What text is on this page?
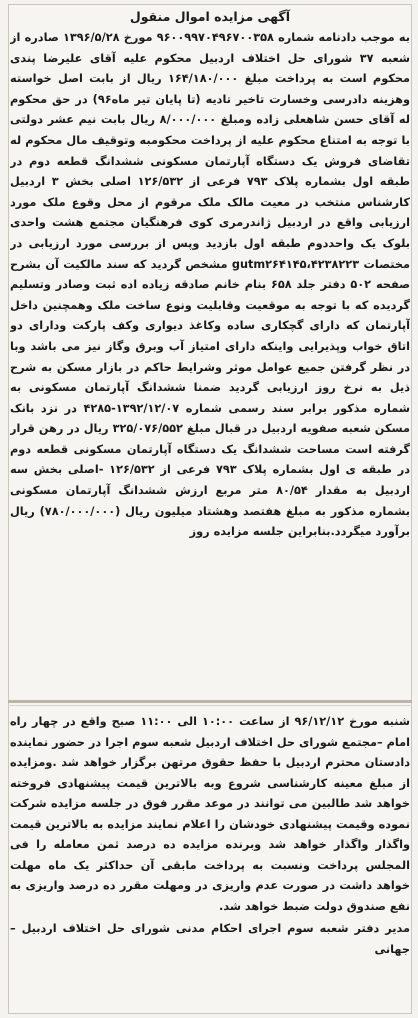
آگهی مزایده اموال منقول

به موجب دادنامه شماره ۹۶۰۰۹۹۷۰۴۹۶۷۰۰۳۵۸ مورخ ۱۳۹۶/۵/۲۸ صادره از شعبه ۳۷ شورای حل اختلاف اردبیل محکوم علیه آقای علیرضا پندی محکوم است به پرداخت مبلغ ۱۶۴/۱۸۰/۰۰۰ ریال از بابت اصل خواسته وهزینه دادرسی وخسارت تاخیر تادیه (تا پایان تیر ماه۹۶) در حق محکوم له آقای حسن شاهعلی زاده ومبلغ ۸/۰۰۰/۰۰۰ ریال بابت نیم عشر دولتی با توجه به امتناع محکوم علیه از پرداخت محکومبه وتوقیف مال محکوم له تقاضای فروش یک دستگاه آپارتمان مسکونی ششدانگ قطعه دوم در طبقه اول بشماره پلاک ۷۹۳ فرعی از ۱۲۶/۵۳۲ اصلی بخش ۳ اردبیل کارشناس منتخب در معیت مالک ملک مرقوم از محل وقوع ملک مورد ارزیابی واقع در اردبیل ژاندرمری کوی فرهنگیان مجتمع هشت واحدی بلوک یک واحددوم طبقه اول بازدید وپس از بررسی مورد ارزیابی در مختصات gutm۲۶۴۱۴۵،۴۲۳۸۲۲۳ مشخص گردید که سند مالکیت آن بشرح صفحه ۵۰۲ دفتر جلد ۶۵۸ بنام خانم صادقه زیاده اده ثبت وصادر وتسلیم گردیده که با توجه به موقعیت وقابلیت ونوع ساخت ملک وهمچنین داخل آپارتمان که دارای گچکاری ساده وکاغذ دیواری وکف پارکت ودارای دو اتاق خواب وپذیرایی واینکه دارای امتیاز آب وبرق وگاز نیز می باشد وبا در نظر گرفتن جمیع عوامل موثر وشرایط حاکم در بازار مسکن به شرح ذیل به نرخ روز ارزیابی گردید ضمنا ششدانگ آپارتمان مسکونی به شماره مذکور برابر سند رسمی شماره ۱۳۹۲/۱۲/۰۷-۴۲۸۵ در نزد بانک مسکن شعبه صفویه اردبیل در قبال مبلغ ۳۲۵/۰۷۶/۵۵۲ ریال در رهن قرار گرفته است مساحت ششدانگ یک دستگاه آپارتمان مسکونی قطعه دوم در طبقه ی اول بشماره پلاک ۷۹۳ فرعی از ۱۲۶/۵۳۲ -اصلی بخش سه اردبیل به مقدار ۸۰/۵۴ متر مربع ارزش ششدانگ آپارتمان مسکونی بشماره مذکور به مبلغ هفتصد وهشتاد میلیون ریال (۷۸۰/۰۰۰/۰۰۰) ریال برآورد میگردد.بنابراین جلسه مزایده روز

شنبه مورخ ۹۶/۱۲/۱۲ از ساعت ۱۰:۰۰ الی ۱۱:۰۰ صبح واقع در چهار راه امام –مجتمع شورای حل اختلاف اردبیل شعبه سوم اجرا در حضور نماینده دادستان محترم اردبیل با حفظ حقوق مرتهن برگزار خواهد شد .ومزایده از مبلغ معینه کارشناسی شروع وبه بالاترین قیمت پیشنهادی فروخته خواهد شد طالبین می توانند در موعد مقرر فوق در جلسه مزایده شرکت نموده وقیمت پیشنهادی خودشان را اعلام نمایند مزایده به بالاترین قیمت واگذار واگذار خواهد شد وبرنده مزایده ده درصد ثمن معامله را فی المجلس پرداخت ونسبت به پرداخت مابقی آن حداکثر یک ماه مهلت خواهد داشت در صورت عدم واریزی در ومهلت مقرر ده درصد واریزی به نفع صندوق دولت ضبط خواهد شد.

مدیر دفتر شعبه سوم اجرای احکام مدنی شورای حل اختلاف اردبیل –جهانی
